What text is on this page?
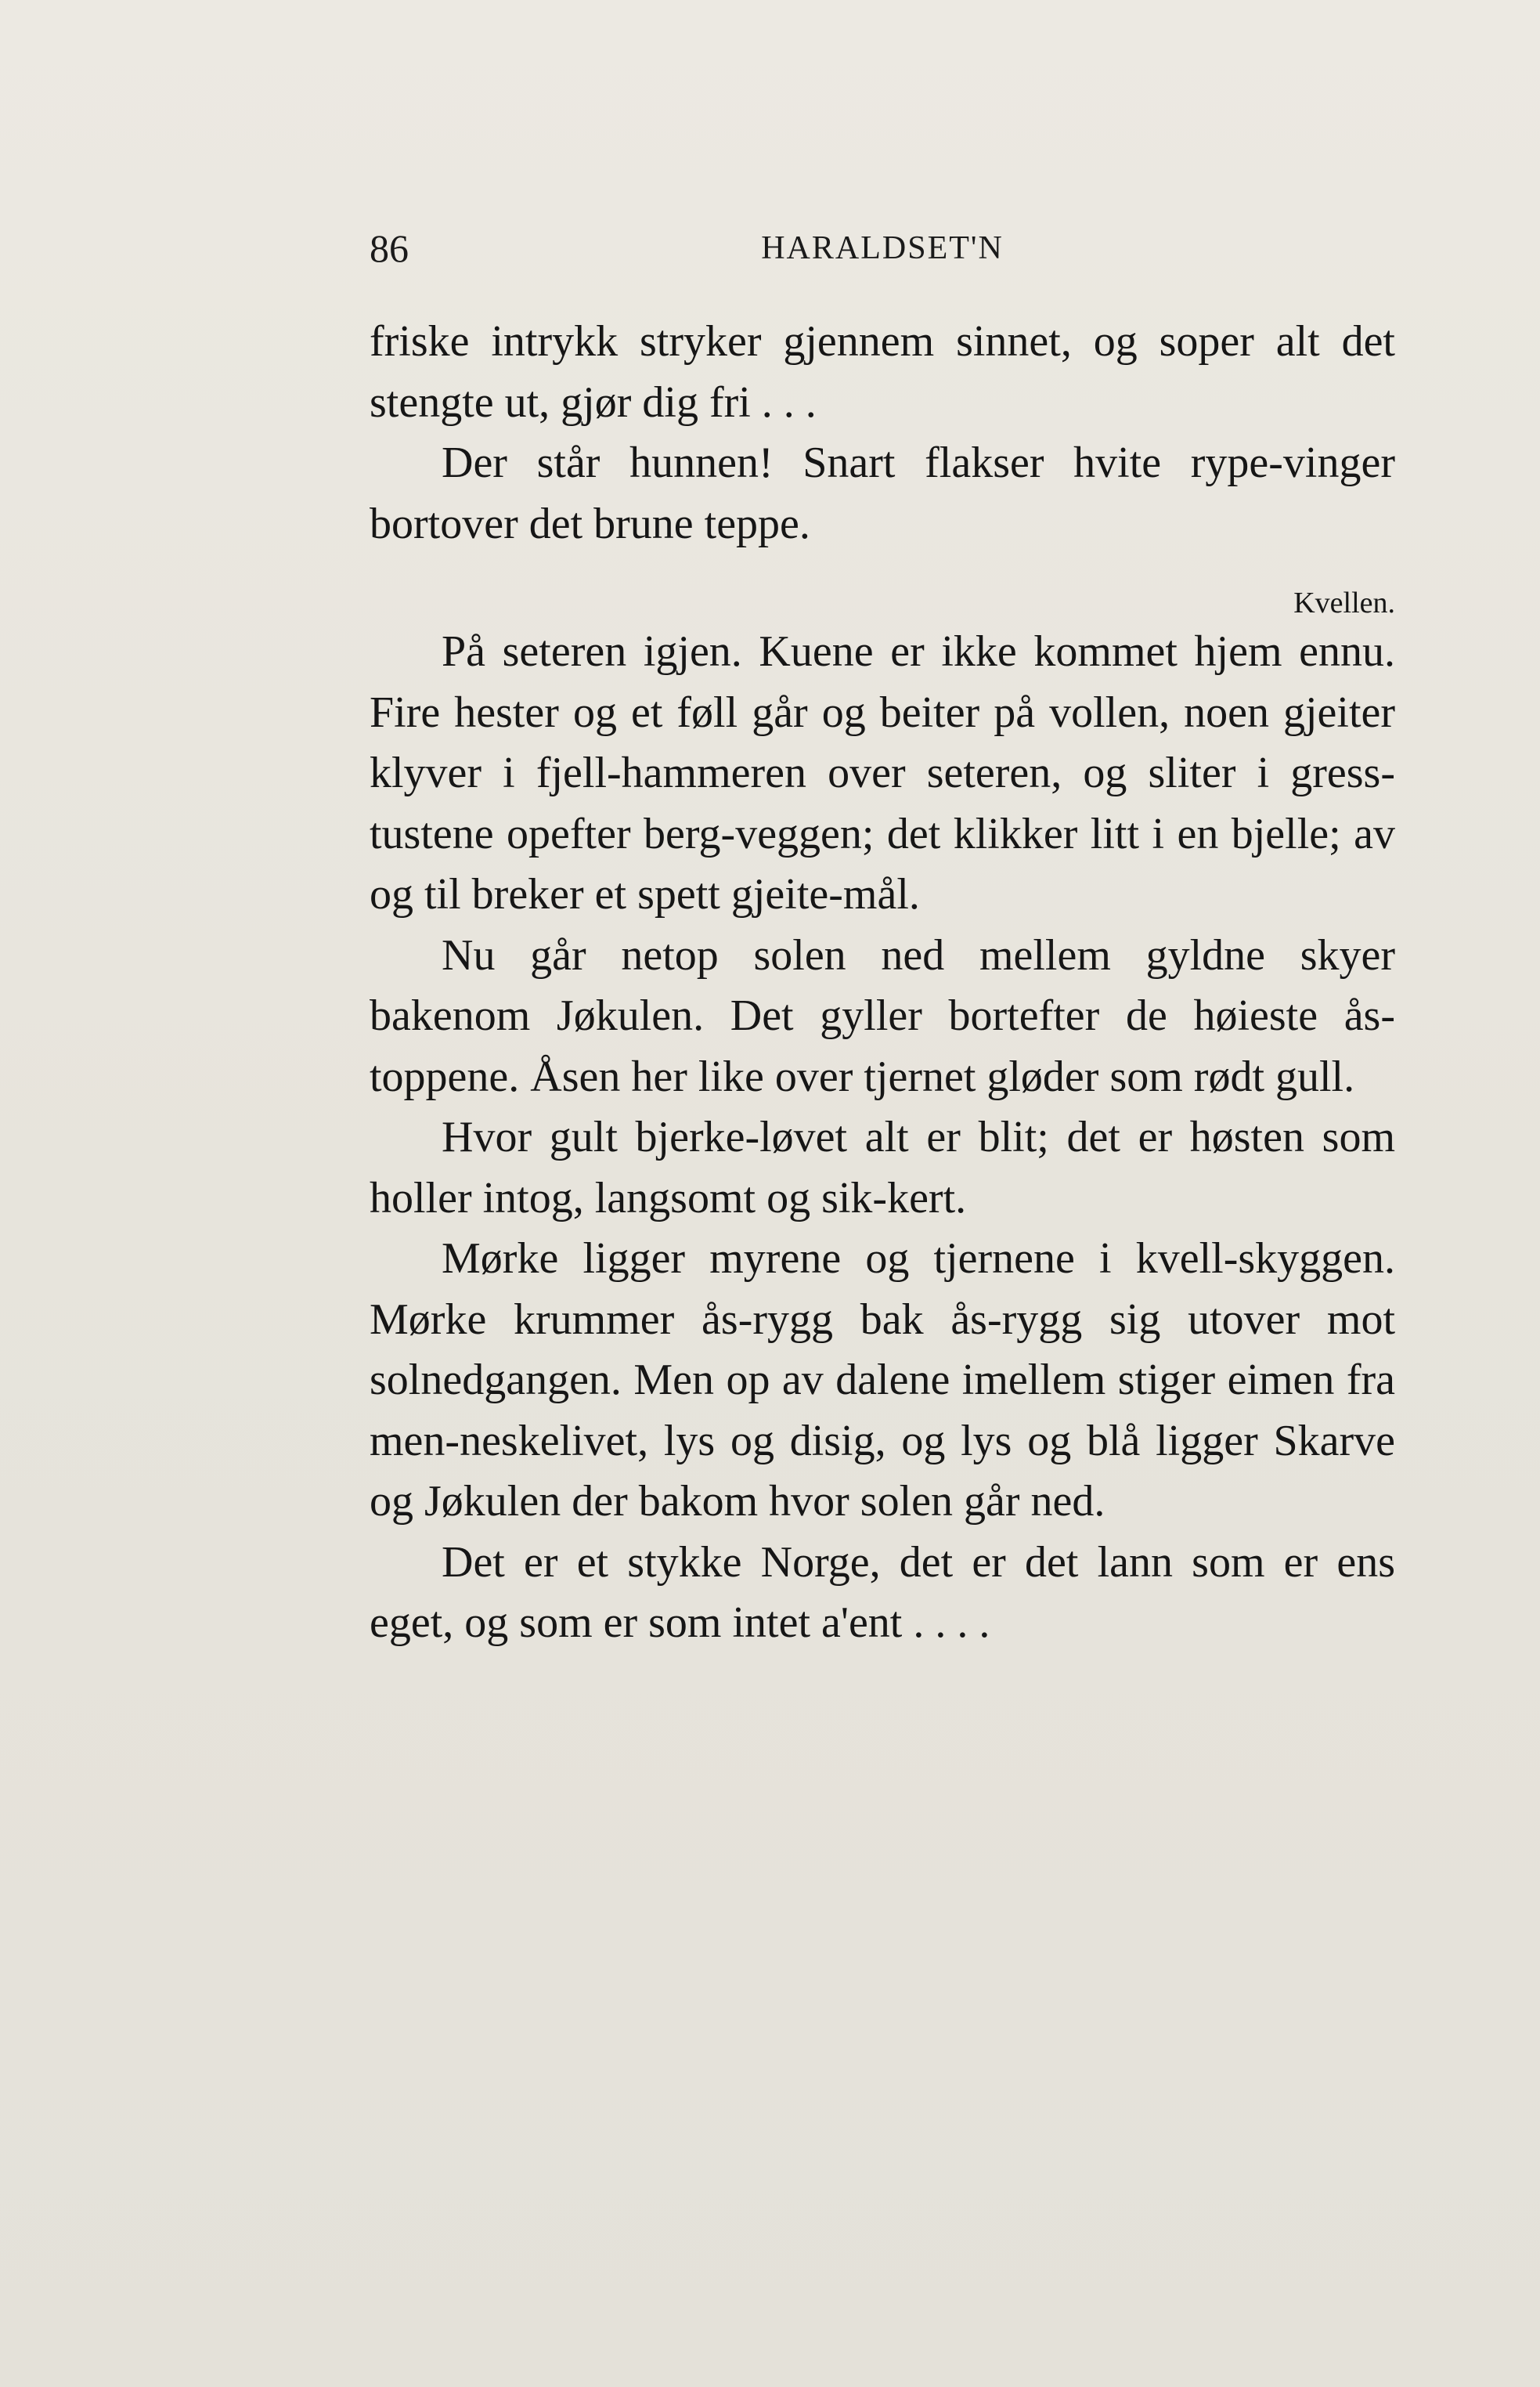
86	HARALDSET'N

friske intrykk stryker gjennem sinnet, og soper alt det stengte ut, gjør dig fri . . .

Der står hunnen! Snart flakser hvite rype-vinger bortover det brune teppe.

Kvellen.

På seteren igjen. Kuene er ikke kommet hjem ennu. Fire hester og et føll går og beiter på vollen, noen gjeiter klyver i fjell-hammeren over seteren, og sliter i gress-tustene opefter berg-veggen; det klikker litt i en bjelle; av og til breker et spett gjeite-mål.

Nu går netop solen ned mellem gyldne skyer bakenom Jøkulen. Det gyller bortefter de høieste ås-toppene. Åsen her like over tjernet gløder som rødt gull.

Hvor gult bjerke-løvet alt er blit; det er høsten som holler intog, langsomt og sik-kert.

Mørke ligger myrene og tjernene i kvell-skyggen. Mørke krummer ås-rygg bak ås-rygg sig utover mot solnedgangen. Men op av dalene imellem stiger eimen fra men-neskelivet, lys og disig, og lys og blå ligger Skarve og Jøkulen der bakom hvor solen går ned.

Det er et stykke Norge, det er det lann som er ens eget, og som er som intet a'ent . . . .
